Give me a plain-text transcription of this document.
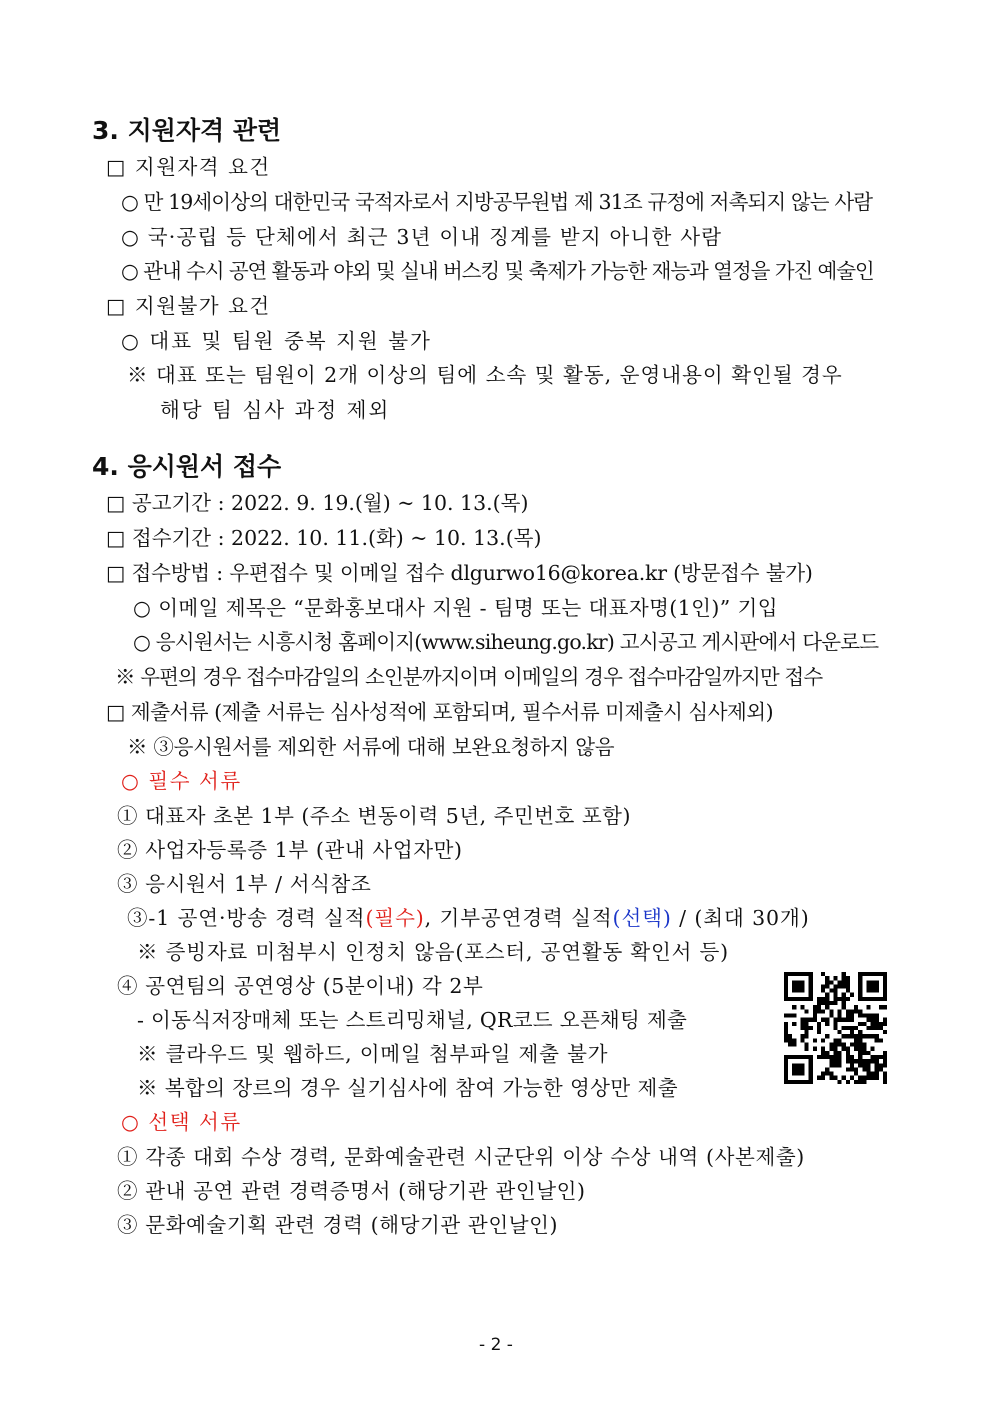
3. 지원자격 관련
□ 지원자격 요건
○ 만 19세이상의 대한민국 국적자로서 지방공무원법 제 31조 규정에 저촉되지 않는 사람
○ 국·공립 등 단체에서 최근 3년 이내 징계를 받지 아니한 사람
○ 관내 수시 공연 활동과 야외 및 실내 버스킹 및 축제가 가능한 재능과 열정을 가진 예술인
□ 지원불가 요건
○ 대표 및 팀원 중복 지원 불가
※ 대표 또는 팀원이 2개 이상의 팀에 소속 및 활동, 운영내용이 확인될 경우
해당 팀 심사 과정 제외
4. 응시원서 접수
□ 공고기간 : 2022. 9. 19.(월) ~ 10. 13.(목)
□ 접수기간 : 2022. 10. 11.(화) ~ 10. 13.(목)
□ 접수방법 : 우편접수 및 이메일 접수 dlgurwo16@korea.kr (방문접수 불가)
○ 이메일 제목은 “문화홍보대사 지원 - 팀명 또는 대표자명(1인)” 기입
○ 응시원서는 시흥시청 홈페이지(www.siheung.go.kr) 고시공고 게시판에서 다운로드
※ 우편의 경우 접수마감일의 소인분까지이며 이메일의 경우 접수마감일까지만 접수
□ 제출서류 (제출 서류는 심사성적에 포함되며, 필수서류 미제출시 심사제외)
※ ③응시원서를 제외한 서류에 대해 보완요청하지 않음
○ 필수 서류
① 대표자 초본 1부 (주소 변동이력 5년, 주민번호 포함)
② 사업자등록증 1부 (관내 사업자만)
③ 응시원서 1부 / 서식참조
③-1 공연·방송 경력 실적(필수), 기부공연경력 실적(선택) / (최대 30개)
※ 증빙자료 미첨부시 인정치 않음(포스터, 공연활동 확인서 등)
④ 공연팀의 공연영상 (5분이내) 각 2부
- 이동식저장매체 또는 스트리밍채널, QR코드 오픈채팅 제출
※ 클라우드 및 웹하드, 이메일 첨부파일 제출 불가
※ 복합의 장르의 경우 실기심사에 참여 가능한 영상만 제출
○ 선택 서류
① 각종 대회 수상 경력, 문화예술관련 시군단위 이상 수상 내역 (사본제출)
② 관내 공연 관련 경력증명서 (해당기관 관인날인)
③ 문화예술기획 관련 경력 (해당기관 관인날인)
- 2 -
